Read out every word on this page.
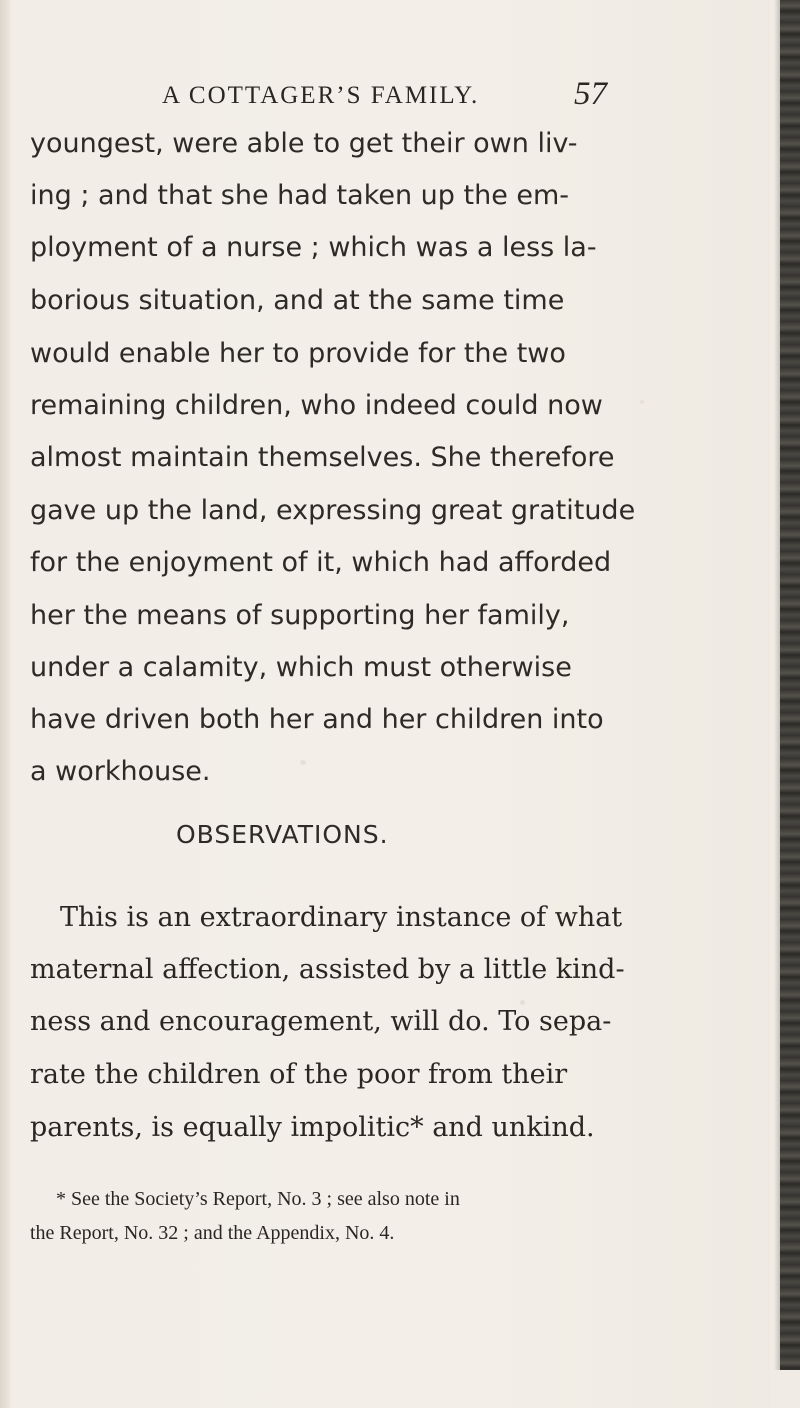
A COTTAGER’S FAMILY.	57
youngest, were able to get their own liv-
ing ; and that she had taken up the em-
ployment of a nurse ; which was a less la-
borious situation, and at the same time
would enable her to provide for the two
remaining children, who indeed could now
almost maintain themselves. She therefore
gave up the land, expressing great gratitude
for the enjoyment of it, which had afforded
her the means of supporting her family,
under a calamity, which must otherwise
have driven both her and her children into
a workhouse.
OBSERVATIONS.
This is an extraordinary instance of what
maternal affection, assisted by a little kind-
ness and encouragement, will do. To sepa-
rate the children of the poor from their
parents, is equally impolitic* and unkind.
* See the Society’s Report, No. 3 ; see also note in
the Report, No. 32 ; and the Appendix, No. 4.
